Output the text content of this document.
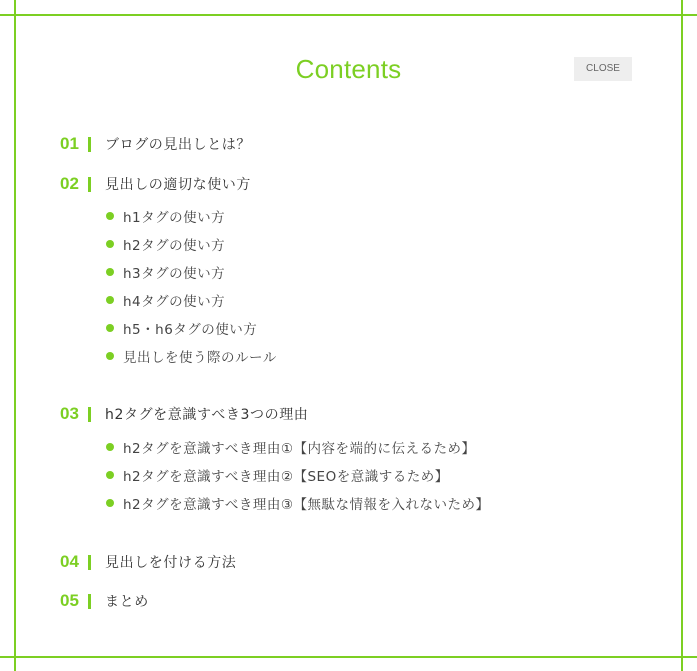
Contents	CLOSE
01	ブログの見出しとは？
02	見出しの適切な使い方
h1タグの使い方
h2タグの使い方
h3タグの使い方
h4タグの使い方
h5・h6タグの使い方
見出しを使う際のルール
03	h2タグを意識すべき3つの理由
h2タグを意識すべき理由①【内容を端的に伝えるため】
h2タグを意識すべき理由②【SEOを意識するため】
h2タグを意識すべき理由③【無駄な情報を入れないため】
04	見出しを付ける方法
05	まとめ
